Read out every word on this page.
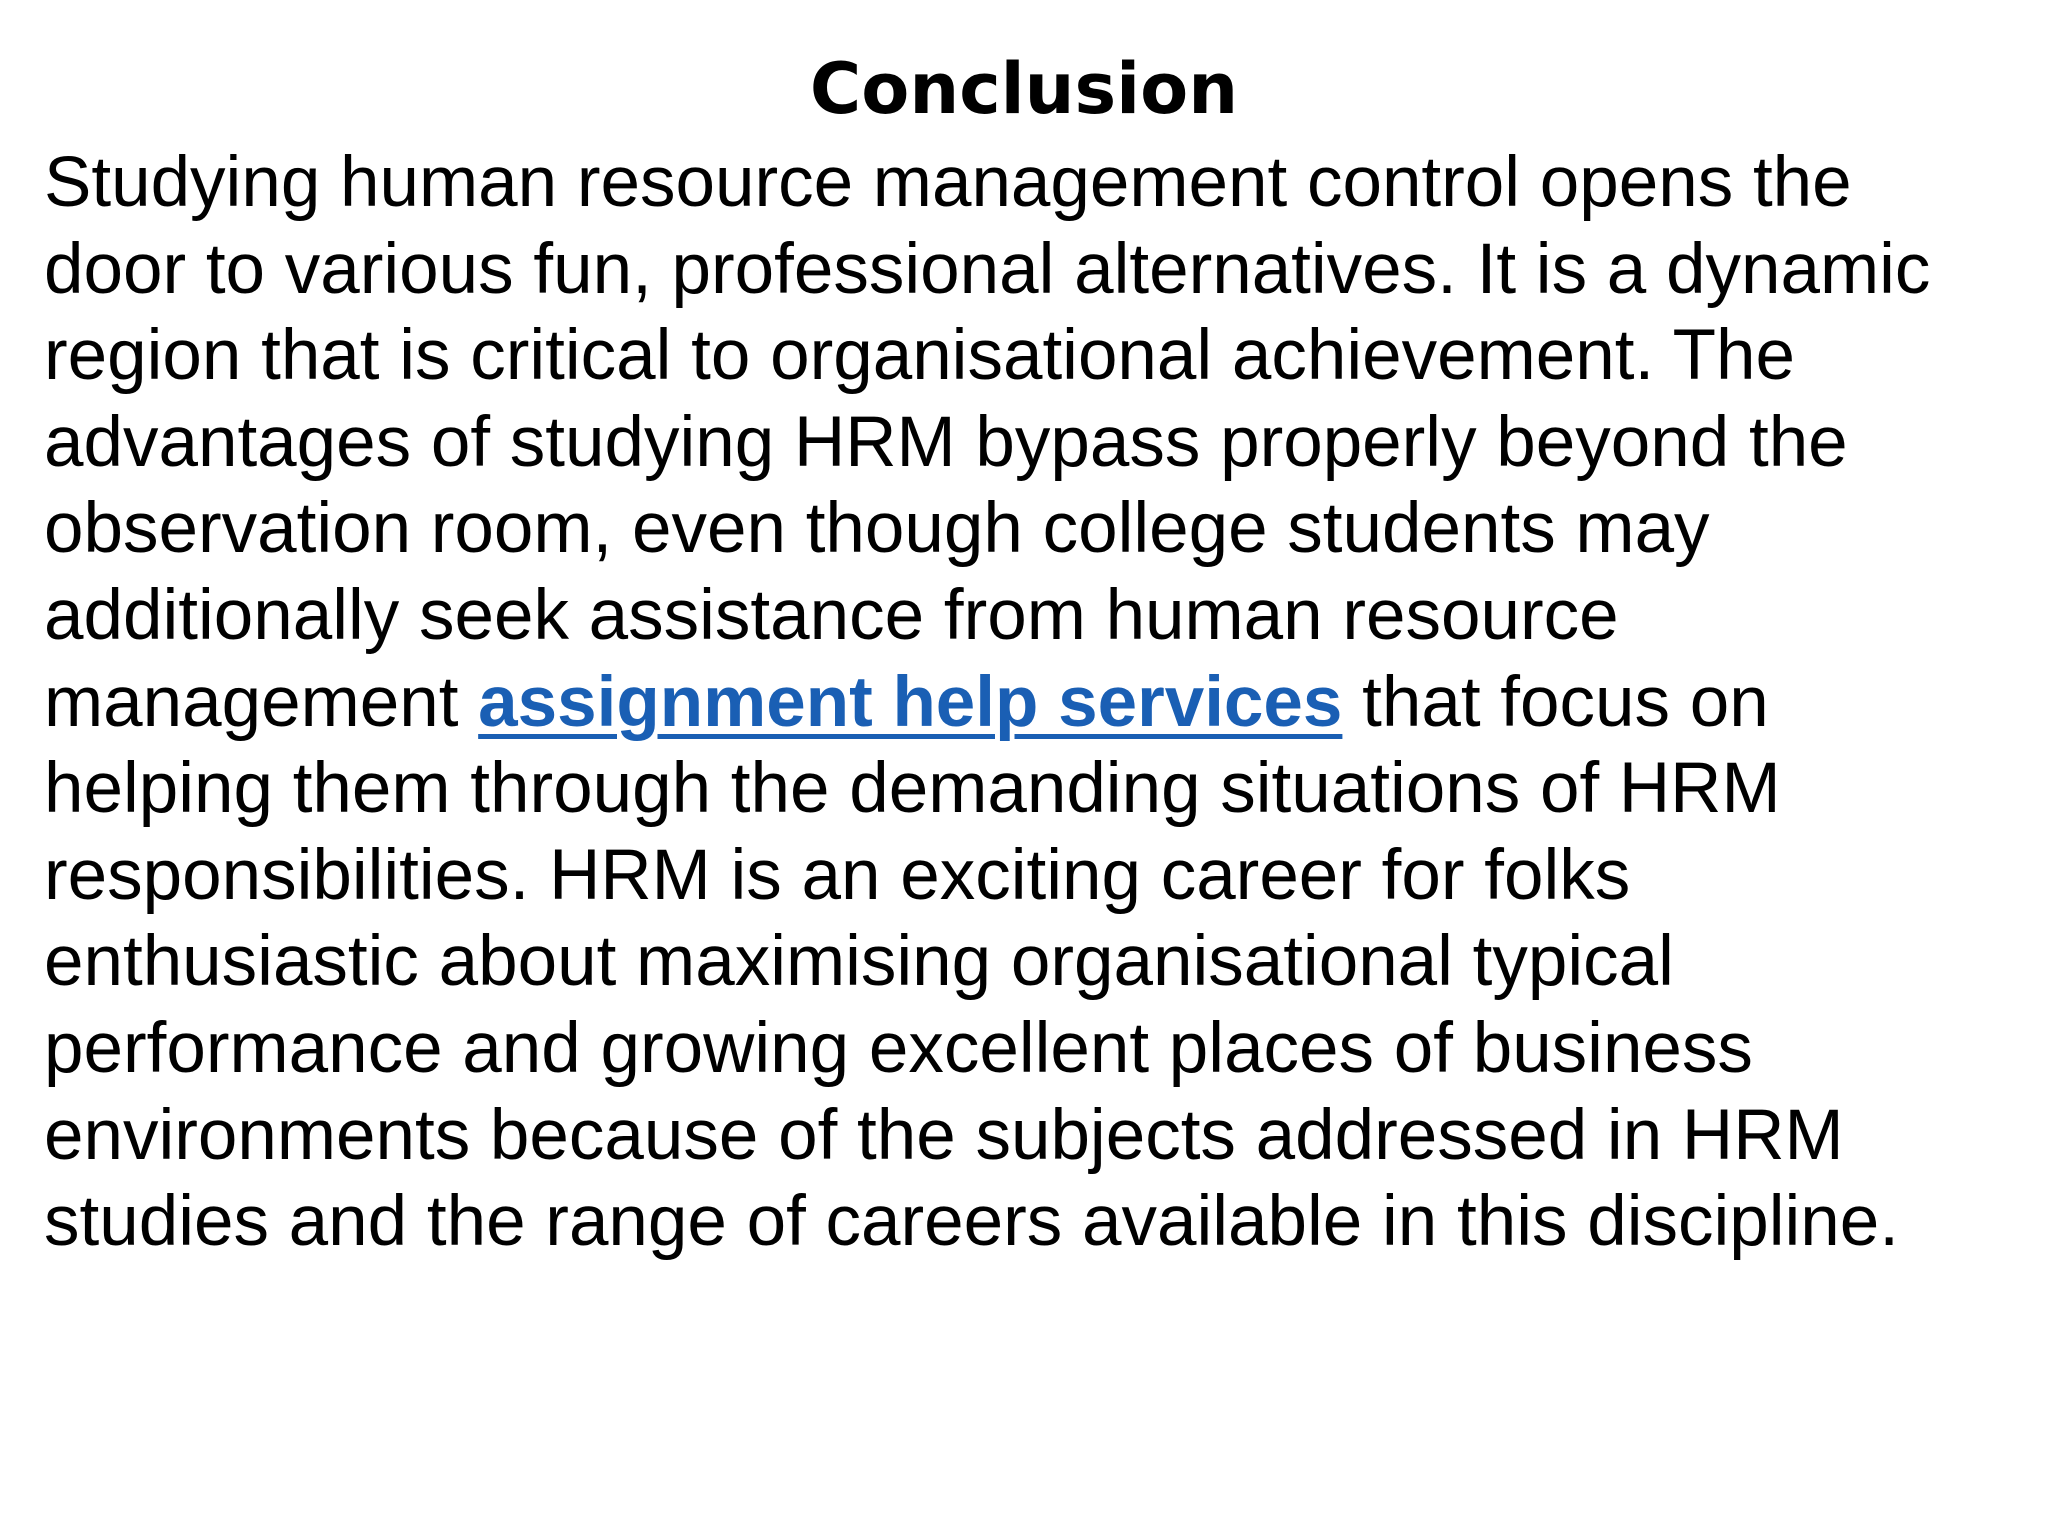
Conclusion

Studying human resource management control opens the
door to various fun, professional alternatives. It is a dynamic
region that is critical to organisational achievement. The
advantages of studying HRM bypass properly beyond the
observation room, even though college students may
additionally seek assistance from human resource
management assignment help services that focus on
helping them through the demanding situations of HRM
responsibilities. HRM is an exciting career for folks
enthusiastic about maximising organisational typical
performance and growing excellent places of business
environments because of the subjects addressed in HRM
studies and the range of careers available in this discipline.
